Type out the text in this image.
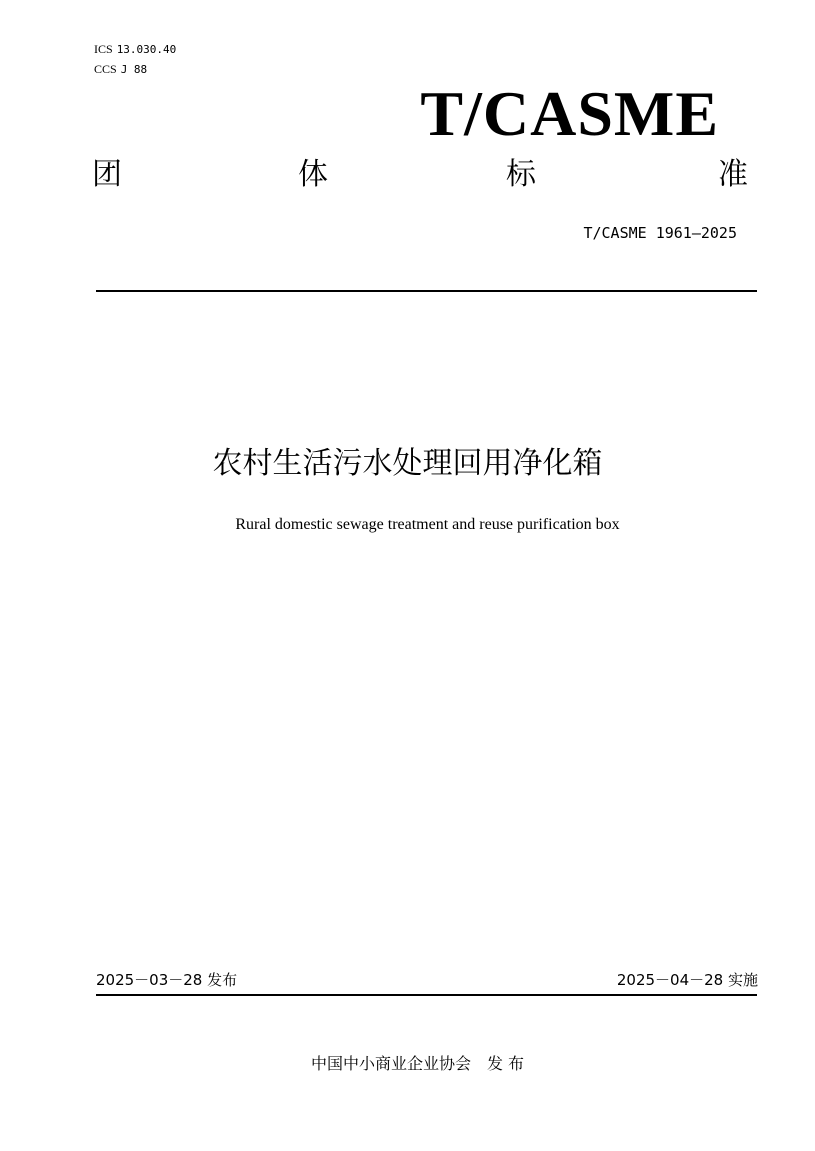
ICS 13.030.40
CCS J 88
T/CASME
团	体	标	准
T/CASME 1961—2025
农村生活污水处理回用净化箱
Rural domestic sewage treatment and reuse purification box
2025－03－28 发布	2025－04－28 实施
中国中小商业企业协会　发 布
